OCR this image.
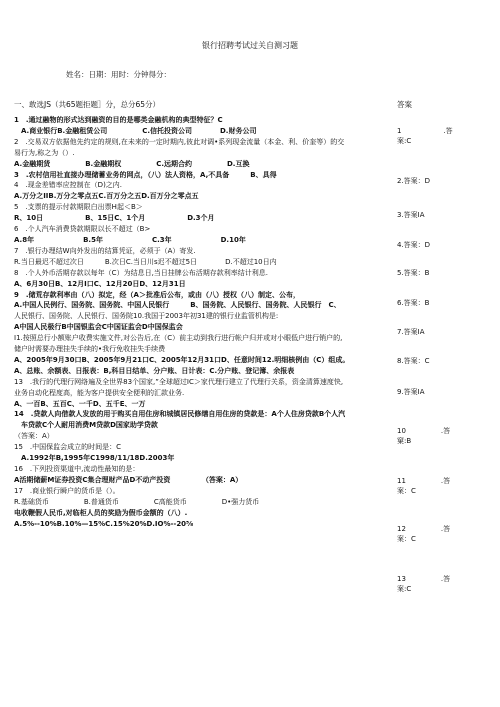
银行招聘考试过关自测习题
姓名：日期：用时：分钟得分：
一、敢选JS（共65题拒题］分，总分65分）	答案
1　.通过融物的形式达到融资的目的是哪类金融机构的典型特征？C
　A.商业银行B.金融租赁公司　　　　　C.信托投资公司　　　　D.财务公司
2　.交易双方依据他先约定的规则,在未来的一定时期内,彼此对调•系列现金流量（本金、利、价奎等）的交
易行为,称之为（）.
A.金融期货　　　　　B.金融期权　　　　　C.远期合约　　　　　D.互换
3　.农村信用社直接办理储蓄业务的网点，（八）法人资格，A,不具备　　　B、具得
4　.现金差错率应控制在（D)之内.
A.万分之IIB.万分之零点五C.百万分之五D.百万分之零点五
5　.支票的提示付款期限白出票H起＜B＞
R、10日　　　　　　B、15日C、1个月　　　　　　D.3个月
6　.个人汽车消费贷款期限以长不超过（B>
A.8年　　　　　　　B.5年　　　　　　　C.3年　　　　　　　D.10年
7　.银行办理结W向外发出的结算凭证，必须于（A）寄发.
R.当日最迟不超过次日　　　B.次日C.当日川s迟不超过5日　　　　D.不超过10日内
8　.个人外币活期存款以每年（C）为结息日,当日挂牌公布活期存款利率结计利息.
A、6月30日B、12月I口C、12月20日D、12月31日
9　.储荒存款利率由（八）拟定，经（A＞批准后公布，或由（八）授权（八）制定、公布，
A.中国人民例行、国务院、国务院、中国人民银行　　　B、国务院、人民银行、国务院、人民银行　C、
人民银行、国务院、人民银行、国务院10.我国于2003年初31建的银行业监管机构是:
A中国人民极行B中国银监会C中国证监会D中国保监会
I1.按照总行小额账户收费实施文件,对公告后,在（C）前主动到我行进行帐户归并或对小眼低户进行销户的,
储户时需要办理挂失手续的•我行免收挂失手续费
A、2005年9月30口B、2005年9月21口C、2005年12月31口D、任意时间12.明细核例由（C）组成。
A、总账、余额表、日报表：B,科目日结单、分户账、日计表：C.分户账、登记簿、余报表
13　.我行的代理行网络遍及全世界83个国家,”全球超过IC＞家代理行建立了代理行关系，资金清算速度快,
业务自动化程度高，能为客户提供安全便利的汇款业务.
A、一百B、五百C、一千D、五千E、一万
14　.贷款人向借款人发放的用于购买自用住房和城镇居民修缮自用住房的贷款是：A个人住房贷款B个人汽
　车贷款C个人耐用消费M贷款D国家助学贷款
（答案：A）
15　.中国保监会成立的时间是：C
　A.1992年B,1995年C1998/11/18D.2003年
16　.下列投资渠道中,流动性最知的是：
A活期储薪M证券投资C集合理财产品D不动产投资　　　　　（答案：A）
17　.商业银行瞬户的货币是（）。
R.基础货币　　　　　B.普通货币　　　　　C高能货币　　　　　D•强力货币
电收鞭假人民币,对临柜人员的奖励为假币金额的（八）.
A.5%--10%B.10%—15%C.15%20%D.IO%--20⅝
1　　　　　　.答
案:C
2.答案：D
3.答案IA
4.答案：D
5.答案：B
6.答案：B
7.答案IA
8.答案：C
9.答案IA
10　　　　　.答
窠:B
11　　　　　.答
案：C
12　　　　　.答
案：C
13　　　　　.答
案:C
